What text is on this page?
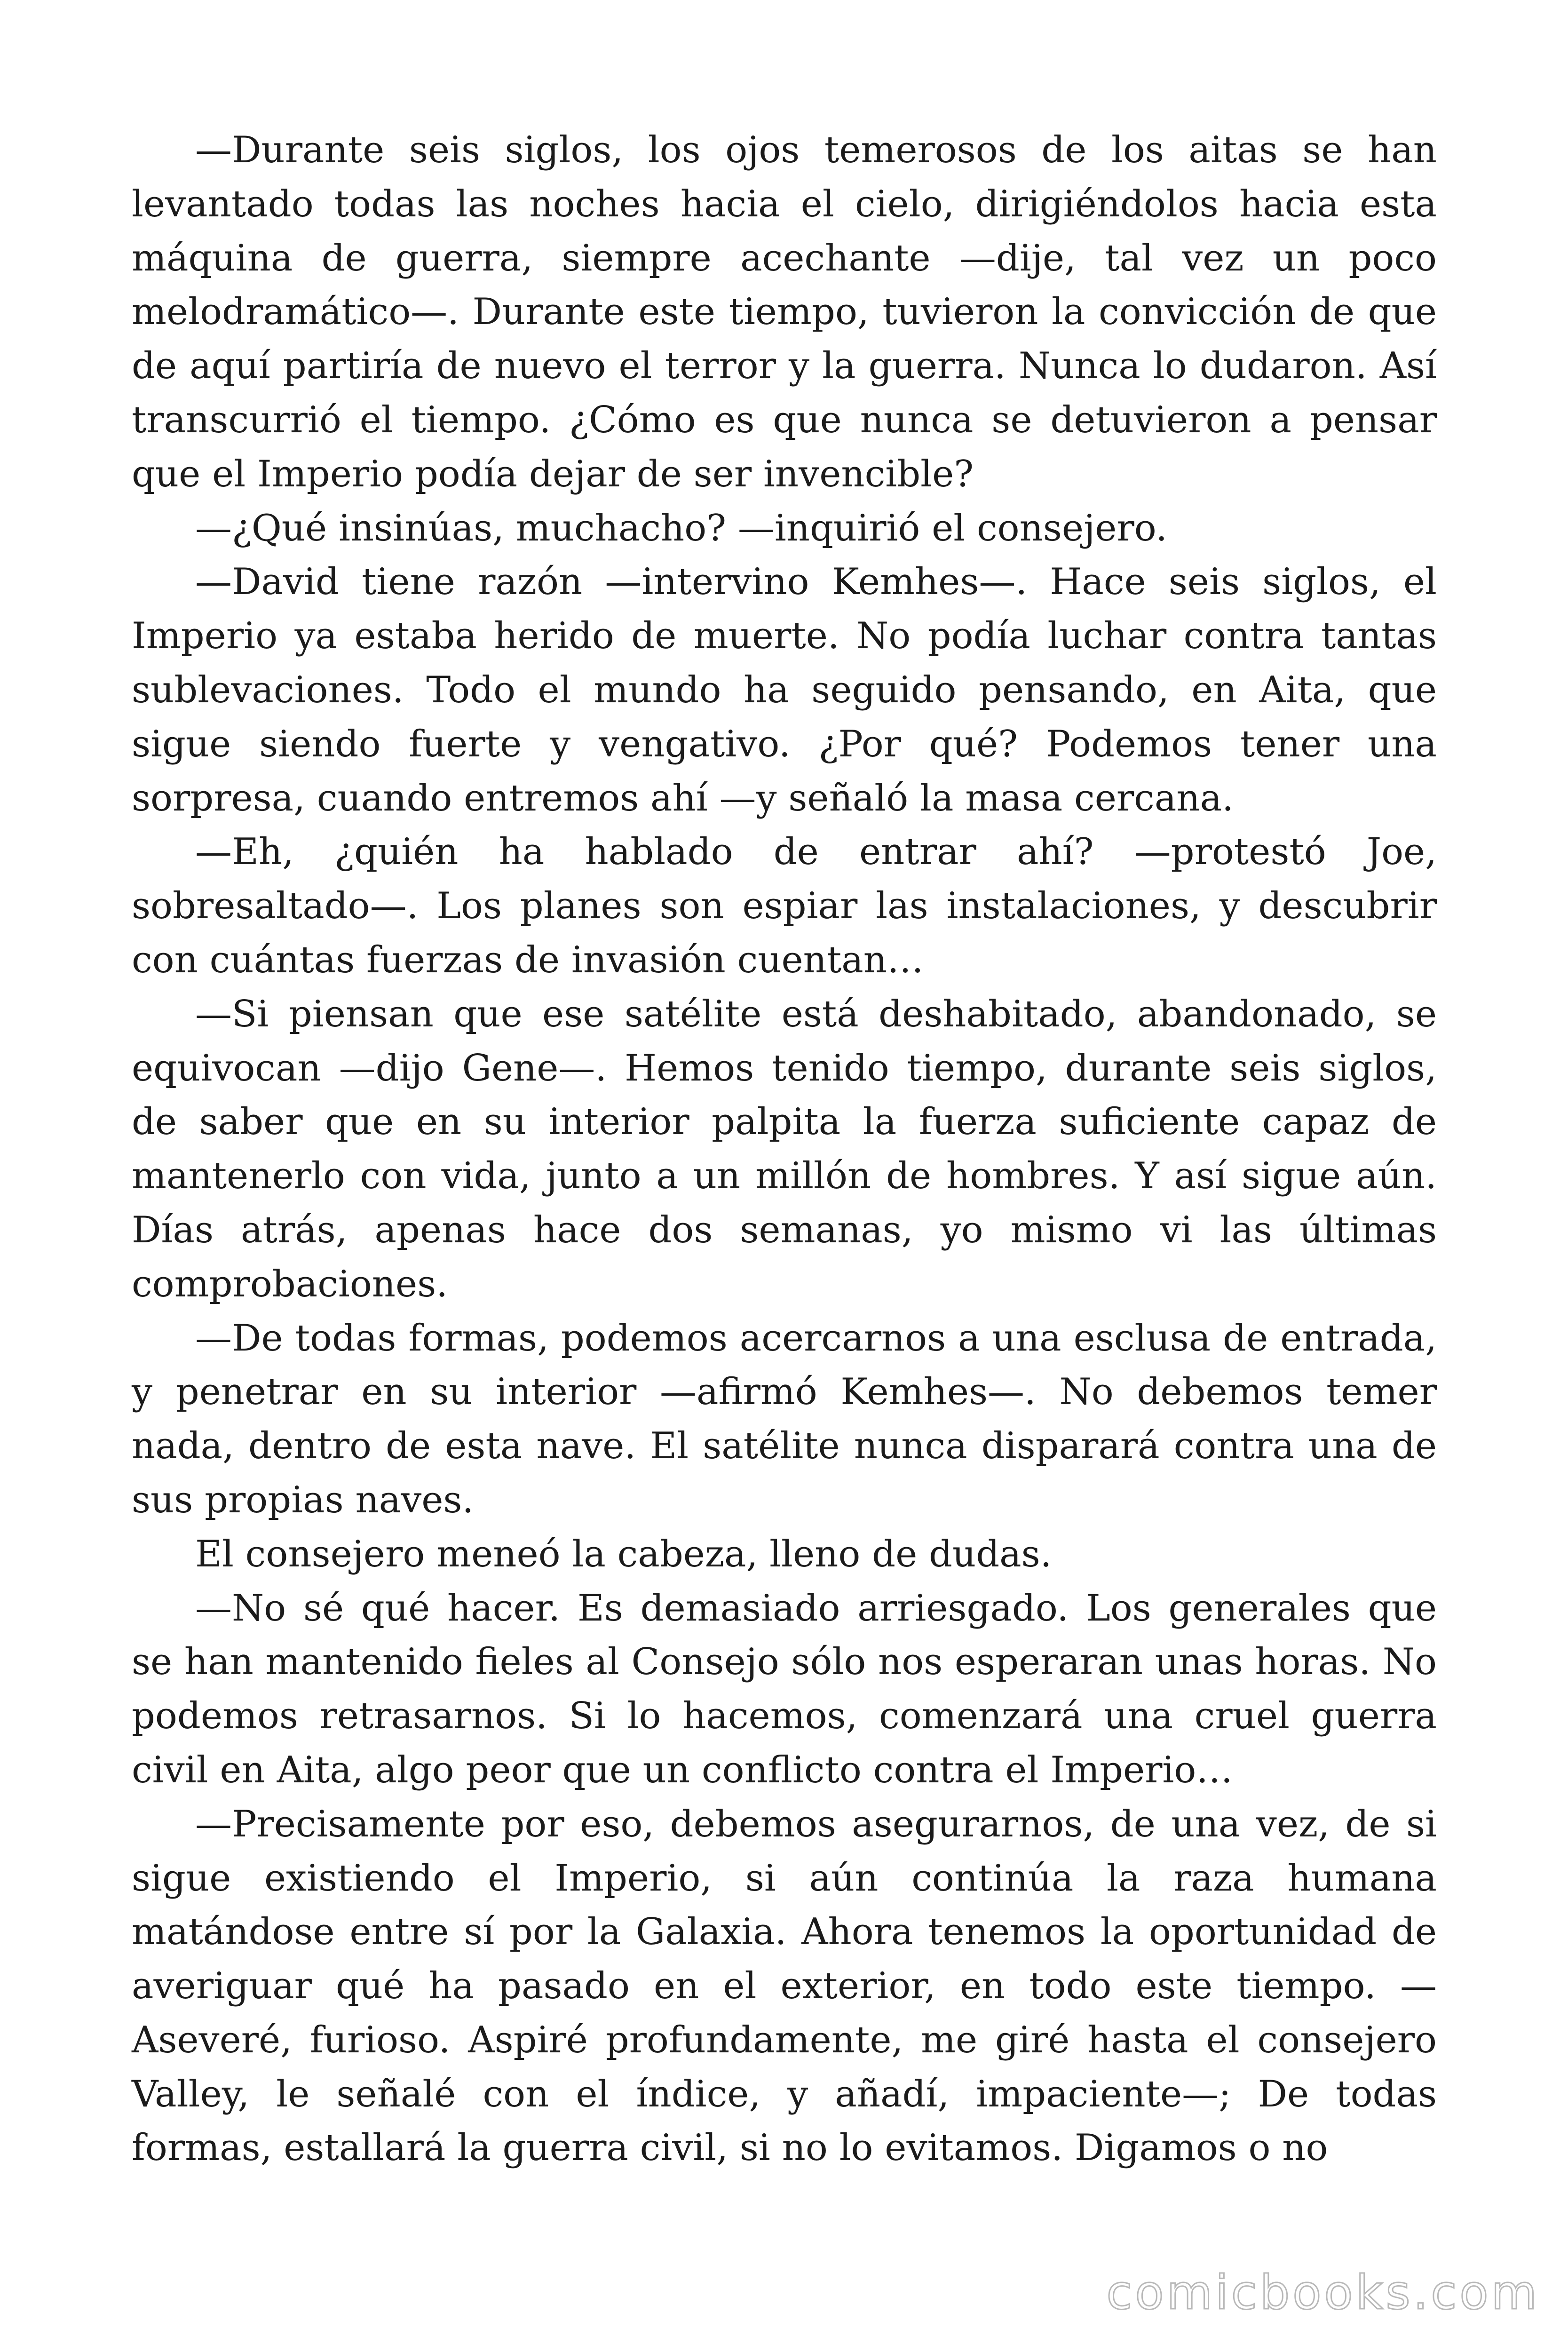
—Durante seis siglos, los ojos temerosos de los aitas se han levantado todas las noches hacia el cielo, dirigiéndolos hacia esta máquina de guerra, siempre acechante —dije, tal vez un poco melodramático—. Durante este tiempo, tuvieron la convicción de que de aquí partiría de nuevo el terror y la guerra. Nunca lo dudaron. Así transcurrió el tiempo. ¿Cómo es que nunca se detuvieron a pensar que el Imperio podía dejar de ser invencible?

—¿Qué insinúas, muchacho? —inquirió el consejero.

—David tiene razón —intervino Kemhes—. Hace seis siglos, el Imperio ya estaba herido de muerte. No podía luchar contra tantas sublevaciones. Todo el mundo ha seguido pensando, en Aita, que sigue siendo fuerte y vengativo. ¿Por qué? Podemos tener una sorpresa, cuando entremos ahí —y señaló la masa cercana.

—Eh, ¿quién ha hablado de entrar ahí? —protestó Joe, sobresaltado—. Los planes son espiar las instalaciones, y descubrir con cuántas fuerzas de invasión cuentan…

—Si piensan que ese satélite está deshabitado, abandonado, se equivocan —dijo Gene—. Hemos tenido tiempo, durante seis siglos, de saber que en su interior palpita la fuerza suficiente capaz de mantenerlo con vida, junto a un millón de hombres. Y así sigue aún. Días atrás, apenas hace dos semanas, yo mismo vi las últimas comprobaciones.

—De todas formas, podemos acercarnos a una esclusa de entrada, y penetrar en su interior —afirmó Kemhes—. No debemos temer nada, dentro de esta nave. El satélite nunca disparará contra una de sus propias naves.

El consejero meneó la cabeza, lleno de dudas.

—No sé qué hacer. Es demasiado arriesgado. Los generales que se han mantenido fieles al Consejo sólo nos esperaran unas horas. No podemos retrasarnos. Si lo hacemos, comenzará una cruel guerra civil en Aita, algo peor que un conflicto contra el Imperio…

—Precisamente por eso, debemos asegurarnos, de una vez, de si sigue existiendo el Imperio, si aún continúa la raza humana matándose entre sí por la Galaxia. Ahora tenemos la oportunidad de averiguar qué ha pasado en el exterior, en todo este tiempo. —Aseveré, furioso. Aspiré profundamente, me giré hasta el consejero Valley, le señalé con el índice, y añadí, impaciente—; De todas formas, estallará la guerra civil, si no lo evitamos. Digamos o no

comicbooks.com
